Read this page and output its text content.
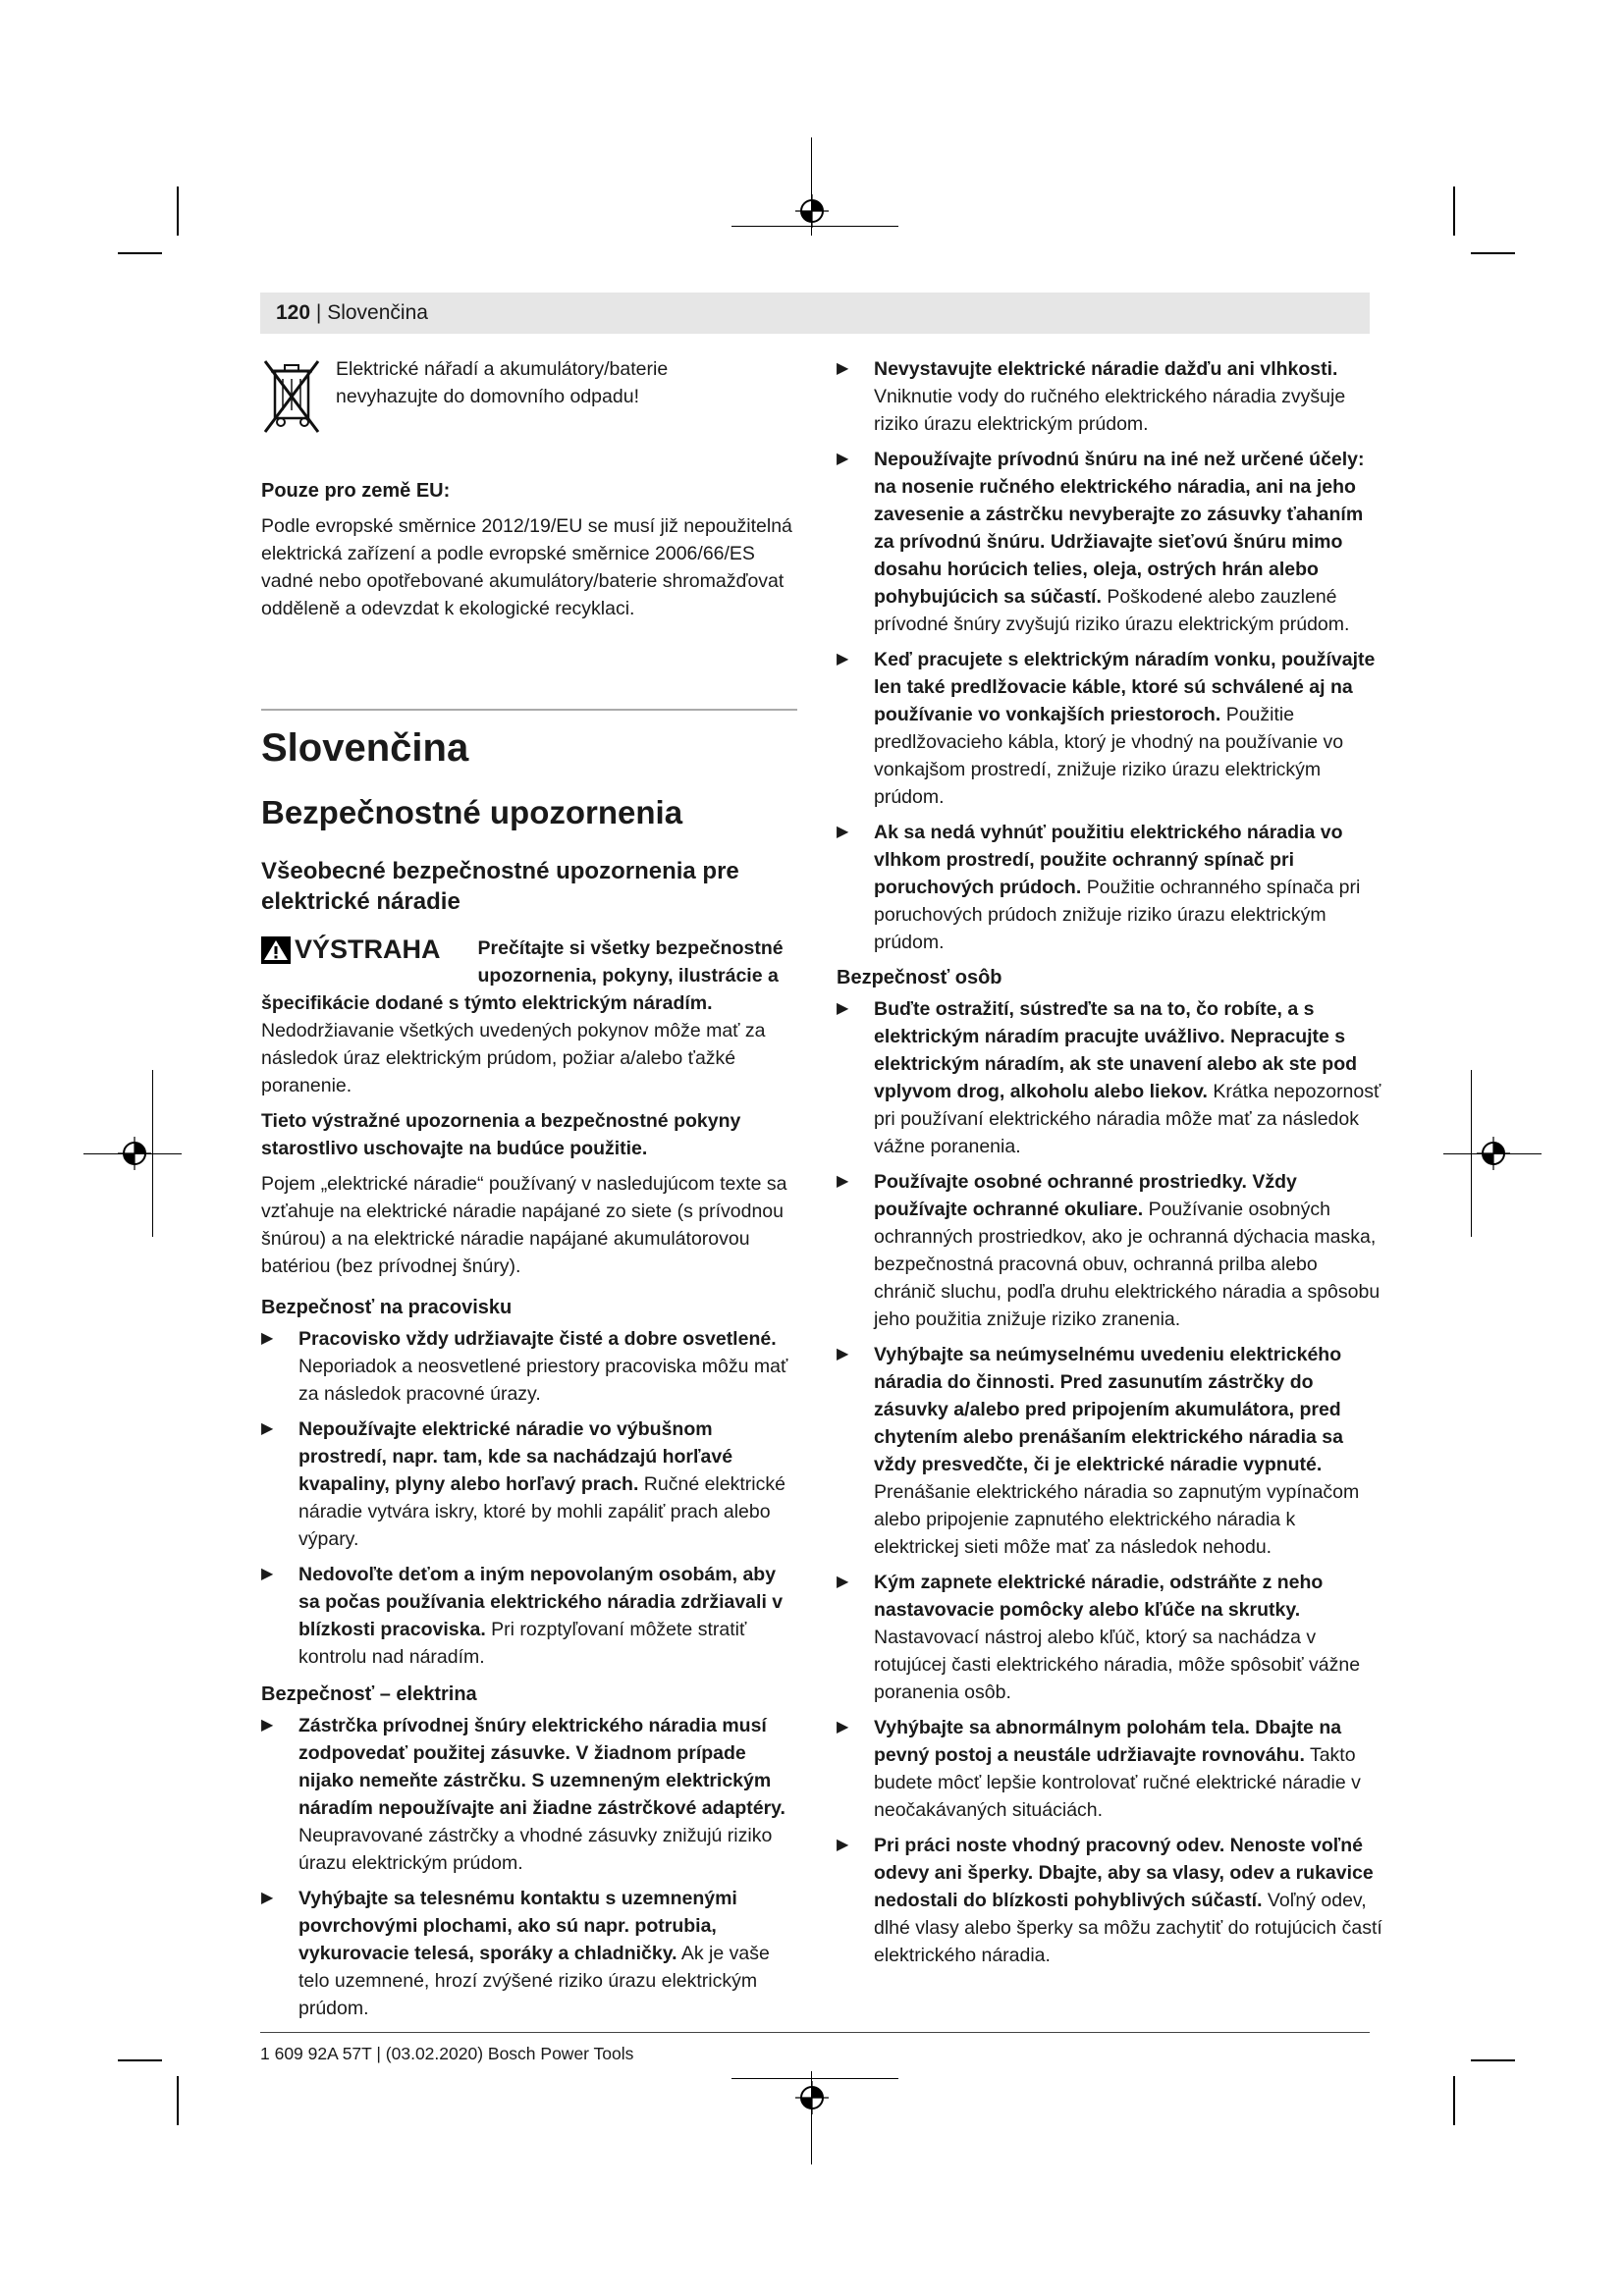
120 | Slovenčina

Elektrické nářadí a akumulátory/baterie nevyhazujte do domovního odpadu!

Pouze pro země EU:

Podle evropské směrnice 2012/19/EU se musí již nepoužitelná elektrická zařízení a podle evropské směrnice 2006/66/ES vadné nebo opotřebované akumulátory/baterie shromažďovat odděleně a odevzdat k ekologické recyklaci.

Slovenčina

Bezpečnostné upozornenia

Všeobecné bezpečnostné upozornenia pre elektrické náradie

VÝSTRAHA	Prečítajte si všetky bezpečnostné upozornenia, pokyny, ilustrácie a špecifikácie dodané s týmto elektrickým náradím.

Nedodržiavanie všetkých uvedených pokynov môže mať za následok úraz elektrickým prúdom, požiar a/alebo ťažké poranenie.

Tieto výstražné upozornenia a bezpečnostné pokyny starostlivo uschovajte na budúce použitie.

Pojem „elektrické náradie“ používaný v nasledujúcom texte sa vzťahuje na elektrické náradie napájané zo siete (s prívodnou šnúrou) a na elektrické náradie napájané akumulátorovou batériou (bez prívodnej šnúry).

Bezpečnosť na pracovisku

▶ Pracovisko vždy udržiavajte čisté a dobre osvetlené. Neporiadok a neosvetlené priestory pracoviska môžu mať za následok pracovné úrazy.
▶ Nepoužívajte elektrické náradie vo výbušnom prostredí, napr. tam, kde sa nachádzajú horľavé kvapaliny, plyny alebo horľavý prach. Ručné elektrické náradie vytvára iskry, ktoré by mohli zapáliť prach alebo výpary.
▶ Nedovoľte deťom a iným nepovolaným osobám, aby sa počas používania elektrického náradia zdržiavali v blízkosti pracoviska. Pri rozptyľovaní môžete stratiť kontrolu nad náradím.

Bezpečnosť – elektrina

▶ Zástrčka prívodnej šnúry elektrického náradia musí zodpovedať použitej zásuvke. V žiadnom prípade nijako nemeňte zástrčku. S uzemneným elektrickým náradím nepoužívajte ani žiadne zástrčkové adaptéry. Neupravované zástrčky a vhodné zásuvky znižujú riziko úrazu elektrickým prúdom.
▶ Vyhýbajte sa telesnému kontaktu s uzemnenými povrchovými plochami, ako sú napr. potrubia, vykurovacie telesá, sporáky a chladničky. Ak je vaše telo uzemnené, hrozí zvýšené riziko úrazu elektrickým prúdom.
▶ Nevystavujte elektrické náradie dažďu ani vlhkosti. Vniknutie vody do ručného elektrického náradia zvyšuje riziko úrazu elektrickým prúdom.
▶ Nepoužívajte prívodnú šnúru na iné než určené účely: na nosenie ručného elektrického náradia, ani na jeho zavesenie a zástrčku nevyberajte zo zásuvky ťahaním za prívodnú šnúru. Udržiavajte sieťovú šnúru mimo dosahu horúcich telies, oleja, ostrých hrán alebo pohybujúcich sa súčastí. Poškodené alebo zauzlené prívodné šnúry zvyšujú riziko úrazu elektrickým prúdom.
▶ Keď pracujete s elektrickým náradím vonku, používajte len také predlžovacie káble, ktoré sú schválené aj na používanie vo vonkajších priestoroch. Použitie predlžovacieho kábla, ktorý je vhodný na používanie vo vonkajšom prostredí, znižuje riziko úrazu elektrickým prúdom.
▶ Ak sa nedá vyhnúť použitiu elektrického náradia vo vlhkom prostredí, použite ochranný spínač pri poruchových prúdoch. Použitie ochranného spínača pri poruchových prúdoch znižuje riziko úrazu elektrickým prúdom.

Bezpečnosť osôb

▶ Buďte ostražití, sústreďte sa na to, čo robíte, a s elektrickým náradím pracujte uvážlivo. Nepracujte s elektrickým náradím, ak ste unavení alebo ak ste pod vplyvom drog, alkoholu alebo liekov. Krátka nepozornosť pri používaní elektrického náradia môže mať za následok vážne poranenia.
▶ Používajte osobné ochranné prostriedky. Vždy používajte ochranné okuliare. Používanie osobných ochranných prostriedkov, ako je ochranná dýchacia maska, bezpečnostná pracovná obuv, ochranná prilba alebo chránič sluchu, podľa druhu elektrického náradia a spôsobu jeho použitia znižuje riziko zranenia.
▶ Vyhýbajte sa neúmyselnému uvedeniu elektrického náradia do činnosti. Pred zasunutím zástrčky do zásuvky a/alebo pred pripojením akumulátora, pred chytením alebo prenášaním elektrického náradia sa vždy presvedčte, či je elektrické náradie vypnuté. Prenášanie elektrického náradia so zapnutým vypínačom alebo pripojenie zapnutého elektrického náradia k elektrickej sieti môže mať za následok nehodu.
▶ Kým zapnete elektrické náradie, odstráňte z neho nastavovacie pomôcky alebo kľúče na skrutky. Nastavovací nástroj alebo kľúč, ktorý sa nachádza v rotujúcej časti elektrického náradia, môže spôsobiť vážne poranenia osôb.
▶ Vyhýbajte sa abnormálnym polohám tela. Dbajte na pevný postoj a neustále udržiavajte rovnováhu. Takto budete môcť lepšie kontrolovať ručné elektrické náradie v neočakávaných situáciách.
▶ Pri práci noste vhodný pracovný odev. Nenoste voľné odevy ani šperky. Dbajte, aby sa vlasy, odev a rukavice nedostali do blízkosti pohyblivých súčastí. Voľný odev, dlhé vlasy alebo šperky sa môžu zachytiť do rotujúcich častí elektrického náradia.
1 609 92A 57T | (03.02.2020) Bosch Power Tools
